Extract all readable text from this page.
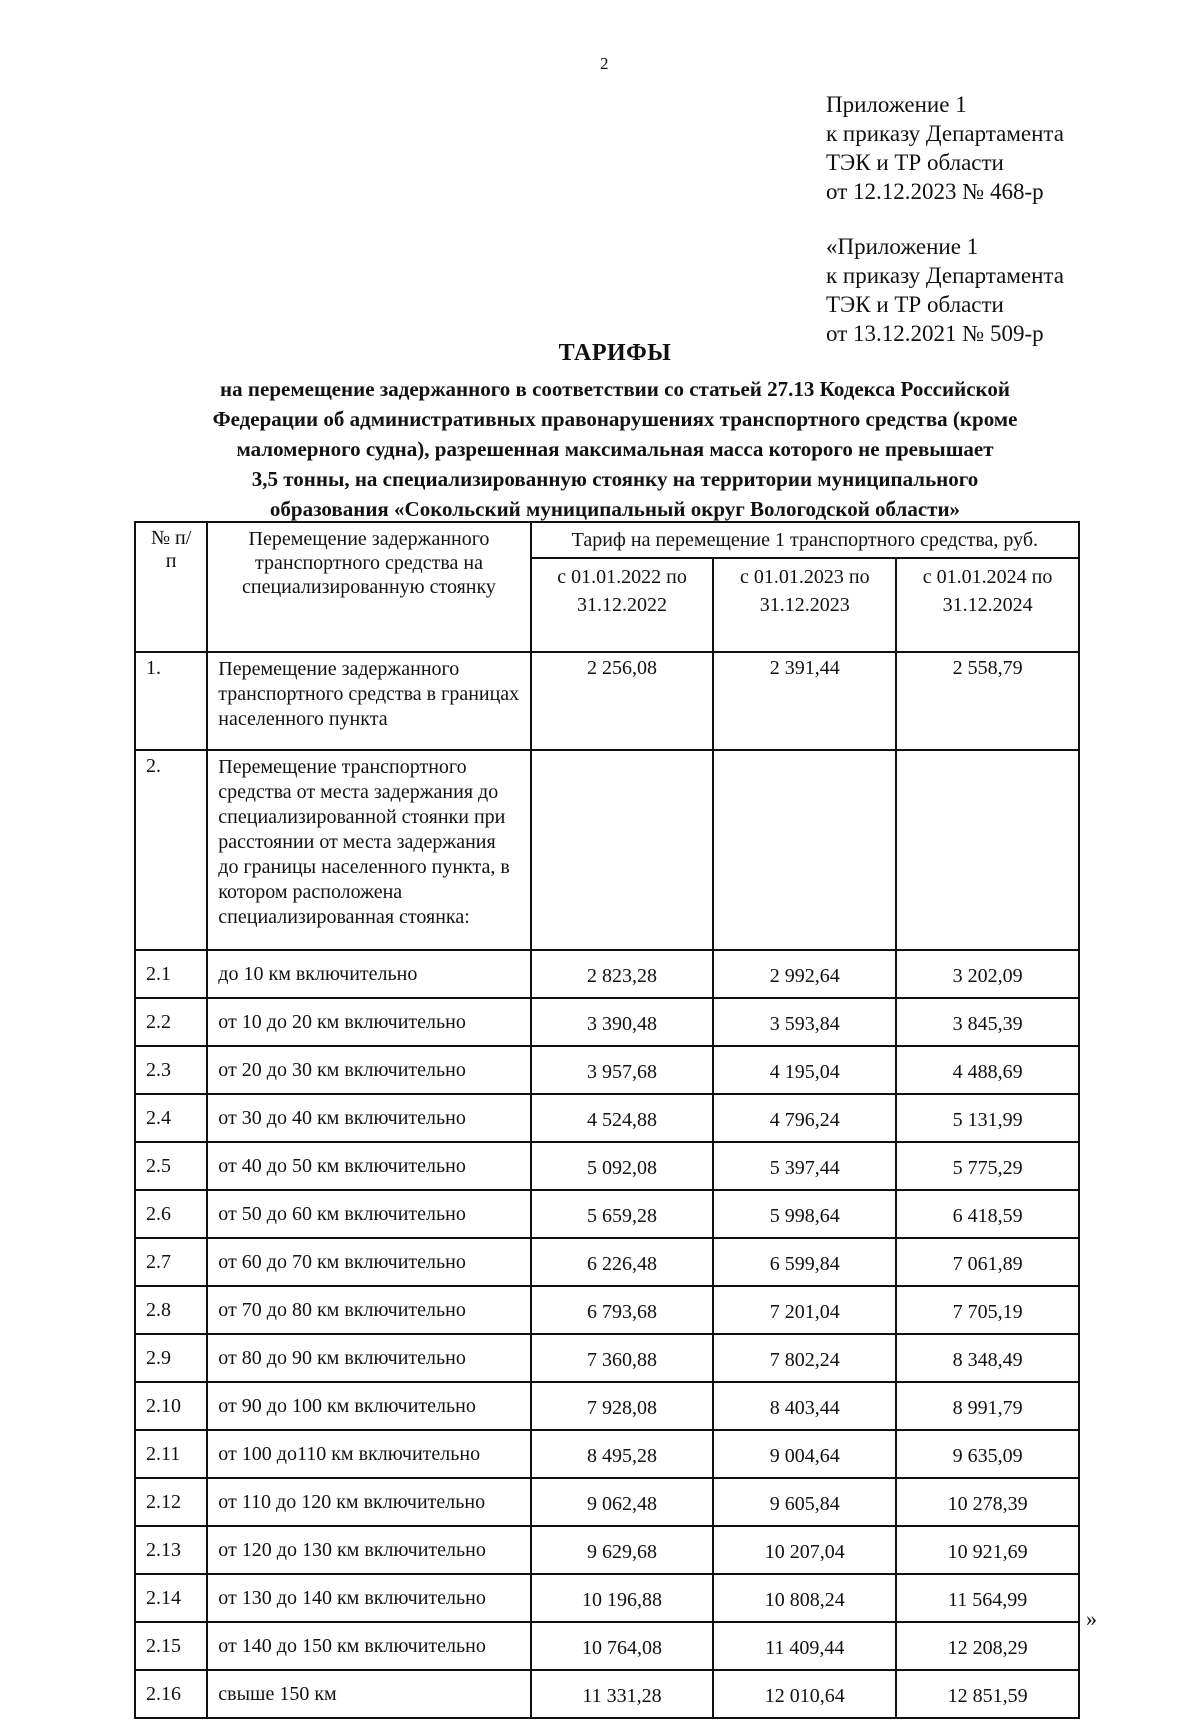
2
Приложение 1
к приказу Департамента
ТЭК и ТР области
от 12.12.2023 № 468-р
«Приложение 1
к приказу Департамента
ТЭК и ТР области
от 13.12.2021 № 509-р
ТАРИФЫ
на перемещение задержанного в соответствии со статьей 27.13 Кодекса Российской
Федерации об административных правонарушениях транспортного средства (кроме
маломерного судна), разрешенная максимальная масса которого не превышает
3,5 тонны, на специализированную стоянку на территории муниципального
образования «Сокольский муниципальный округ Вологодской области»
№ п/п	Перемещение задержанного транспортного средства на специализированную стоянку	Тариф на перемещение 1 транспортного средства, руб.		
		с 01.01.2022 по 31.12.2022	с 01.01.2023 по 31.12.2023	с 01.01.2024 по 31.12.2024
1.	Перемещение задержанного транспортного средства в границах населенного пункта	2 256,08	2 391,44	2 558,79
2.	Перемещение транспортного средства от места задержания до специализированной стоянки при расстоянии от места задержания до границы населенного пункта, в котором расположена специализированная стоянка:			
2.1	до 10 км включительно	2 823,28	2 992,64	3 202,09
2.2	от 10 до 20 км включительно	3 390,48	3 593,84	3 845,39
2.3	от 20 до 30 км включительно	3 957,68	4 195,04	4 488,69
2.4	от 30 до 40 км включительно	4 524,88	4 796,24	5 131,99
2.5	от 40 до 50 км включительно	5 092,08	5 397,44	5 775,29
2.6	от 50 до 60 км включительно	5 659,28	5 998,64	6 418,59
2.7	от 60 до 70 км включительно	6 226,48	6 599,84	7 061,89
2.8	от 70 до 80 км включительно	6 793,68	7 201,04	7 705,19
2.9	от 80 до 90 км включительно	7 360,88	7 802,24	8 348,49
2.10	от 90 до 100 км включительно	7 928,08	8 403,44	8 991,79
2.11	от 100 до110 км включительно	8 495,28	9 004,64	9 635,09
2.12	от 110 до 120 км включительно	9 062,48	9 605,84	10 278,39
2.13	от 120 до 130 км включительно	9 629,68	10 207,04	10 921,69
2.14	от 130 до 140 км включительно	10 196,88	10 808,24	11 564,99
2.15	от 140 до 150 км включительно	10 764,08	11 409,44	12 208,29
2.16	свыше 150 км	11 331,28	12 010,64	12 851,59
»
